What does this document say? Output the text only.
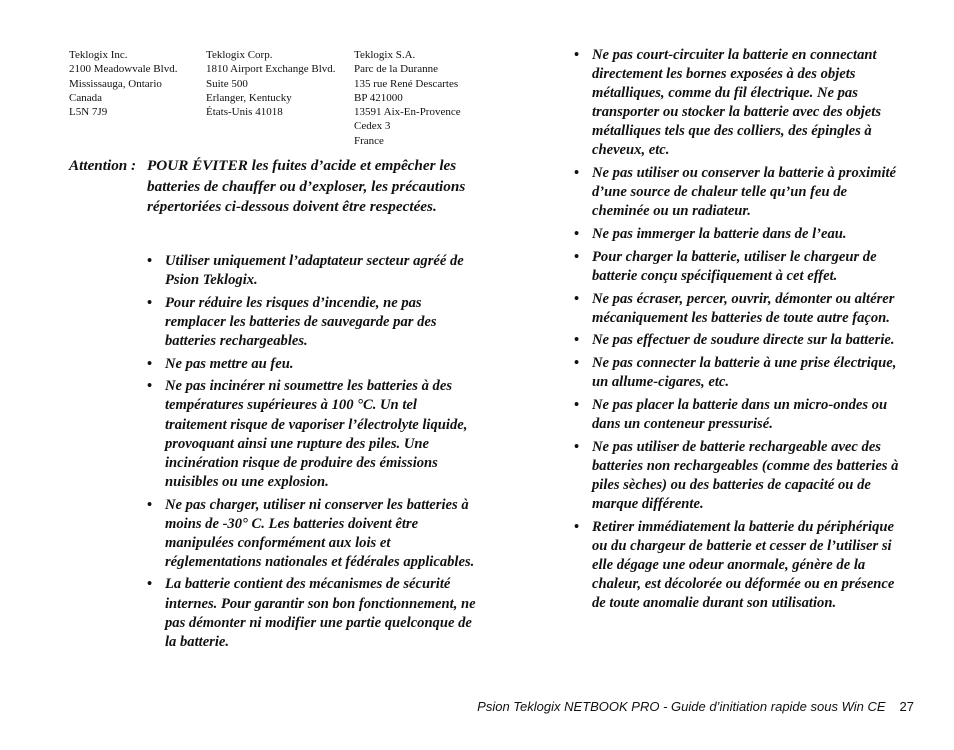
Teklogix Inc.
2100 Meadowvale Blvd.
Mississauga, Ontario
Canada
L5N 7J9
Teklogix Corp.
1810 Airport Exchange Blvd.
Suite 500
Erlanger, Kentucky
États-Unis 41018
Teklogix S.A.
Parc de la Duranne
135 rue René Descartes
BP 421000
13591 Aix-En-Provence
Cedex 3
France
Attention : POUR ÉVITER les fuites d’acide et empêcher les batteries de chauffer ou d’exploser, les précautions répertoriées ci-dessous doivent être respectées.
• Utiliser uniquement l’adaptateur secteur agréé de Psion Teklogix.
• Pour réduire les risques d’incendie, ne pas remplacer les batteries de sauvegarde par des batteries rechargeables.
• Ne pas mettre au feu.
• Ne pas incinérer ni soumettre les batteries à des températures supérieures à 100 °C. Un tel traitement risque de vaporiser l’électrolyte liquide, provoquant ainsi une rupture des piles. Une incinération risque de produire des émissions nuisibles ou une explosion.
• Ne pas charger, utiliser ni conserver les batteries à moins de -30° C. Les batteries doivent être manipulées conformément aux lois et réglementations nationales et fédérales applicables.
• La batterie contient des mécanismes de sécurité internes. Pour garantir son bon fonctionnement, ne pas démonter ni modifier une partie quelconque de la batterie.
• Ne pas court-circuiter la batterie en connectant directement les bornes exposées à des objets métalliques, comme du fil électrique. Ne pas transporter ou stocker la batterie avec des objets métalliques tels que des colliers, des épingles à cheveux, etc.
• Ne pas utiliser ou conserver la batterie à proximité d’une source de chaleur telle qu’un feu de cheminée ou un radiateur.
• Ne pas immerger la batterie dans de l’eau.
• Pour charger la batterie, utiliser le chargeur de batterie conçu spécifiquement à cet effet.
• Ne pas écraser, percer, ouvrir, démonter ou altérer mécaniquement les batteries de toute autre façon.
• Ne pas effectuer de soudure directe sur la batterie.
• Ne pas connecter la batterie à une prise électrique, un allume-cigares, etc.
• Ne pas placer la batterie dans un micro-ondes ou dans un conteneur pressurisé.
• Ne pas utiliser de batterie rechargeable avec des batteries non rechargeables (comme des batteries à piles sèches) ou des batteries de capacité ou de marque différente.
• Retirer immédiatement la batterie du périphérique ou du chargeur de batterie et cesser de l’utiliser si elle dégage une odeur anormale, génère de la chaleur, est décolorée ou déformée ou en présence de toute anomalie durant son utilisation.
Psion Teklogix NETBOOK PRO - Guide d’initiation rapide sous Win CE 27
